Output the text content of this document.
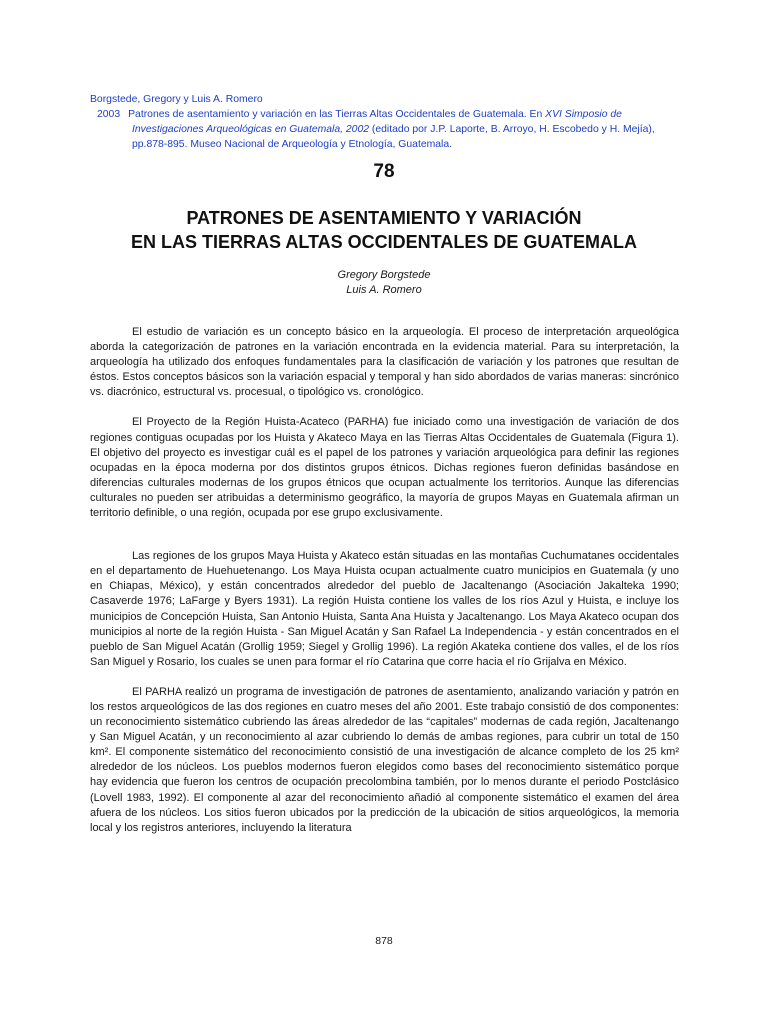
Borgstede, Gregory y Luis A. Romero
2003 Patrones de asentamiento y variación en las Tierras Altas Occidentales de Guatemala. En XVI Simposio de Investigaciones Arqueológicas en Guatemala, 2002 (editado por J.P. Laporte, B. Arroyo, H. Escobedo y H. Mejía), pp.878-895. Museo Nacional de Arqueología y Etnología, Guatemala.
78
PATRONES DE ASENTAMIENTO Y VARIACIÓN
EN LAS TIERRAS ALTAS OCCIDENTALES DE GUATEMALA
Gregory Borgstede
Luis A. Romero

El estudio de variación es un concepto básico en la arqueología. El proceso de interpretación arqueológica aborda la categorización de patrones en la variación encontrada en la evidencia material. Para su interpretación, la arqueología ha utilizado dos enfoques fundamentales para la clasificación de variación y los patrones que resultan de éstos. Estos conceptos básicos son la variación espacial y temporal y han sido abordados de varias maneras: sincrónico vs. diacrónico, estructural vs. procesual, o tipológico vs. cronológico.

El Proyecto de la Región Huista-Acateco (PARHA) fue iniciado como una investigación de variación de dos regiones contiguas ocupadas por los Huista y Akateco Maya en las Tierras Altas Occidentales de Guatemala (Figura 1). El objetivo del proyecto es investigar cuál es el papel de los patrones y variación arqueológica para definir las regiones ocupadas en la época moderna por dos distintos grupos étnicos. Dichas regiones fueron definidas basándose en diferencias culturales modernas de los grupos étnicos que ocupan actualmente los territorios. Aunque las diferencias culturales no pueden ser atribuidas a determinismo geográfico, la mayoría de grupos Mayas en Guatemala afirman un territorio definible, o una región, ocupada por ese grupo exclusivamente.

Las regiones de los grupos Maya Huista y Akateco están situadas en las montañas Cuchumatanes occidentales en el departamento de Huehuetenango. Los Maya Huista ocupan actualmente cuatro municipios en Guatemala (y uno en Chiapas, México), y están concentrados alrededor del pueblo de Jacaltenango (Asociación Jakalteka 1990; Casaverde 1976; LaFarge y Byers 1931). La región Huista contiene los valles de los ríos Azul y Huista, e incluye los municipios de Concepción Huista, San Antonio Huista, Santa Ana Huista y Jacaltenango. Los Maya Akateco ocupan dos municipios al norte de la región Huista - San Miguel Acatán y San Rafael La Independencia - y están concentrados en el pueblo de San Miguel Acatán (Grollig 1959; Siegel y Grollig 1996). La región Akateka contiene dos valles, el de los ríos San Miguel y Rosario, los cuales se unen para formar el río Catarina que corre hacia el río Grijalva en México.

El PARHA realizó un programa de investigación de patrones de asentamiento, analizando variación y patrón en los restos arqueológicos de las dos regiones en cuatro meses del año 2001. Este trabajo consistió de dos componentes: un reconocimiento sistemático cubriendo las áreas alrededor de las “capitales” modernas de cada región, Jacaltenango y San Miguel Acatán, y un reconocimiento al azar cubriendo lo demás de ambas regiones, para cubrir un total de 150 km². El componente sistemático del reconocimiento consistió de una investigación de alcance completo de los 25 km² alrededor de los núcleos. Los pueblos modernos fueron elegidos como bases del reconocimiento sistemático porque hay evidencia que fueron los centros de ocupación precolombina también, por lo menos durante el periodo Postclásico (Lovell 1983, 1992). El componente al azar del reconocimiento añadió al componente sistemático el examen del área afuera de los núcleos. Los sitios fueron ubicados por la predicción de la ubicación de sitios arqueológicos, la memoria local y los registros anteriores, incluyendo la literatura

878
